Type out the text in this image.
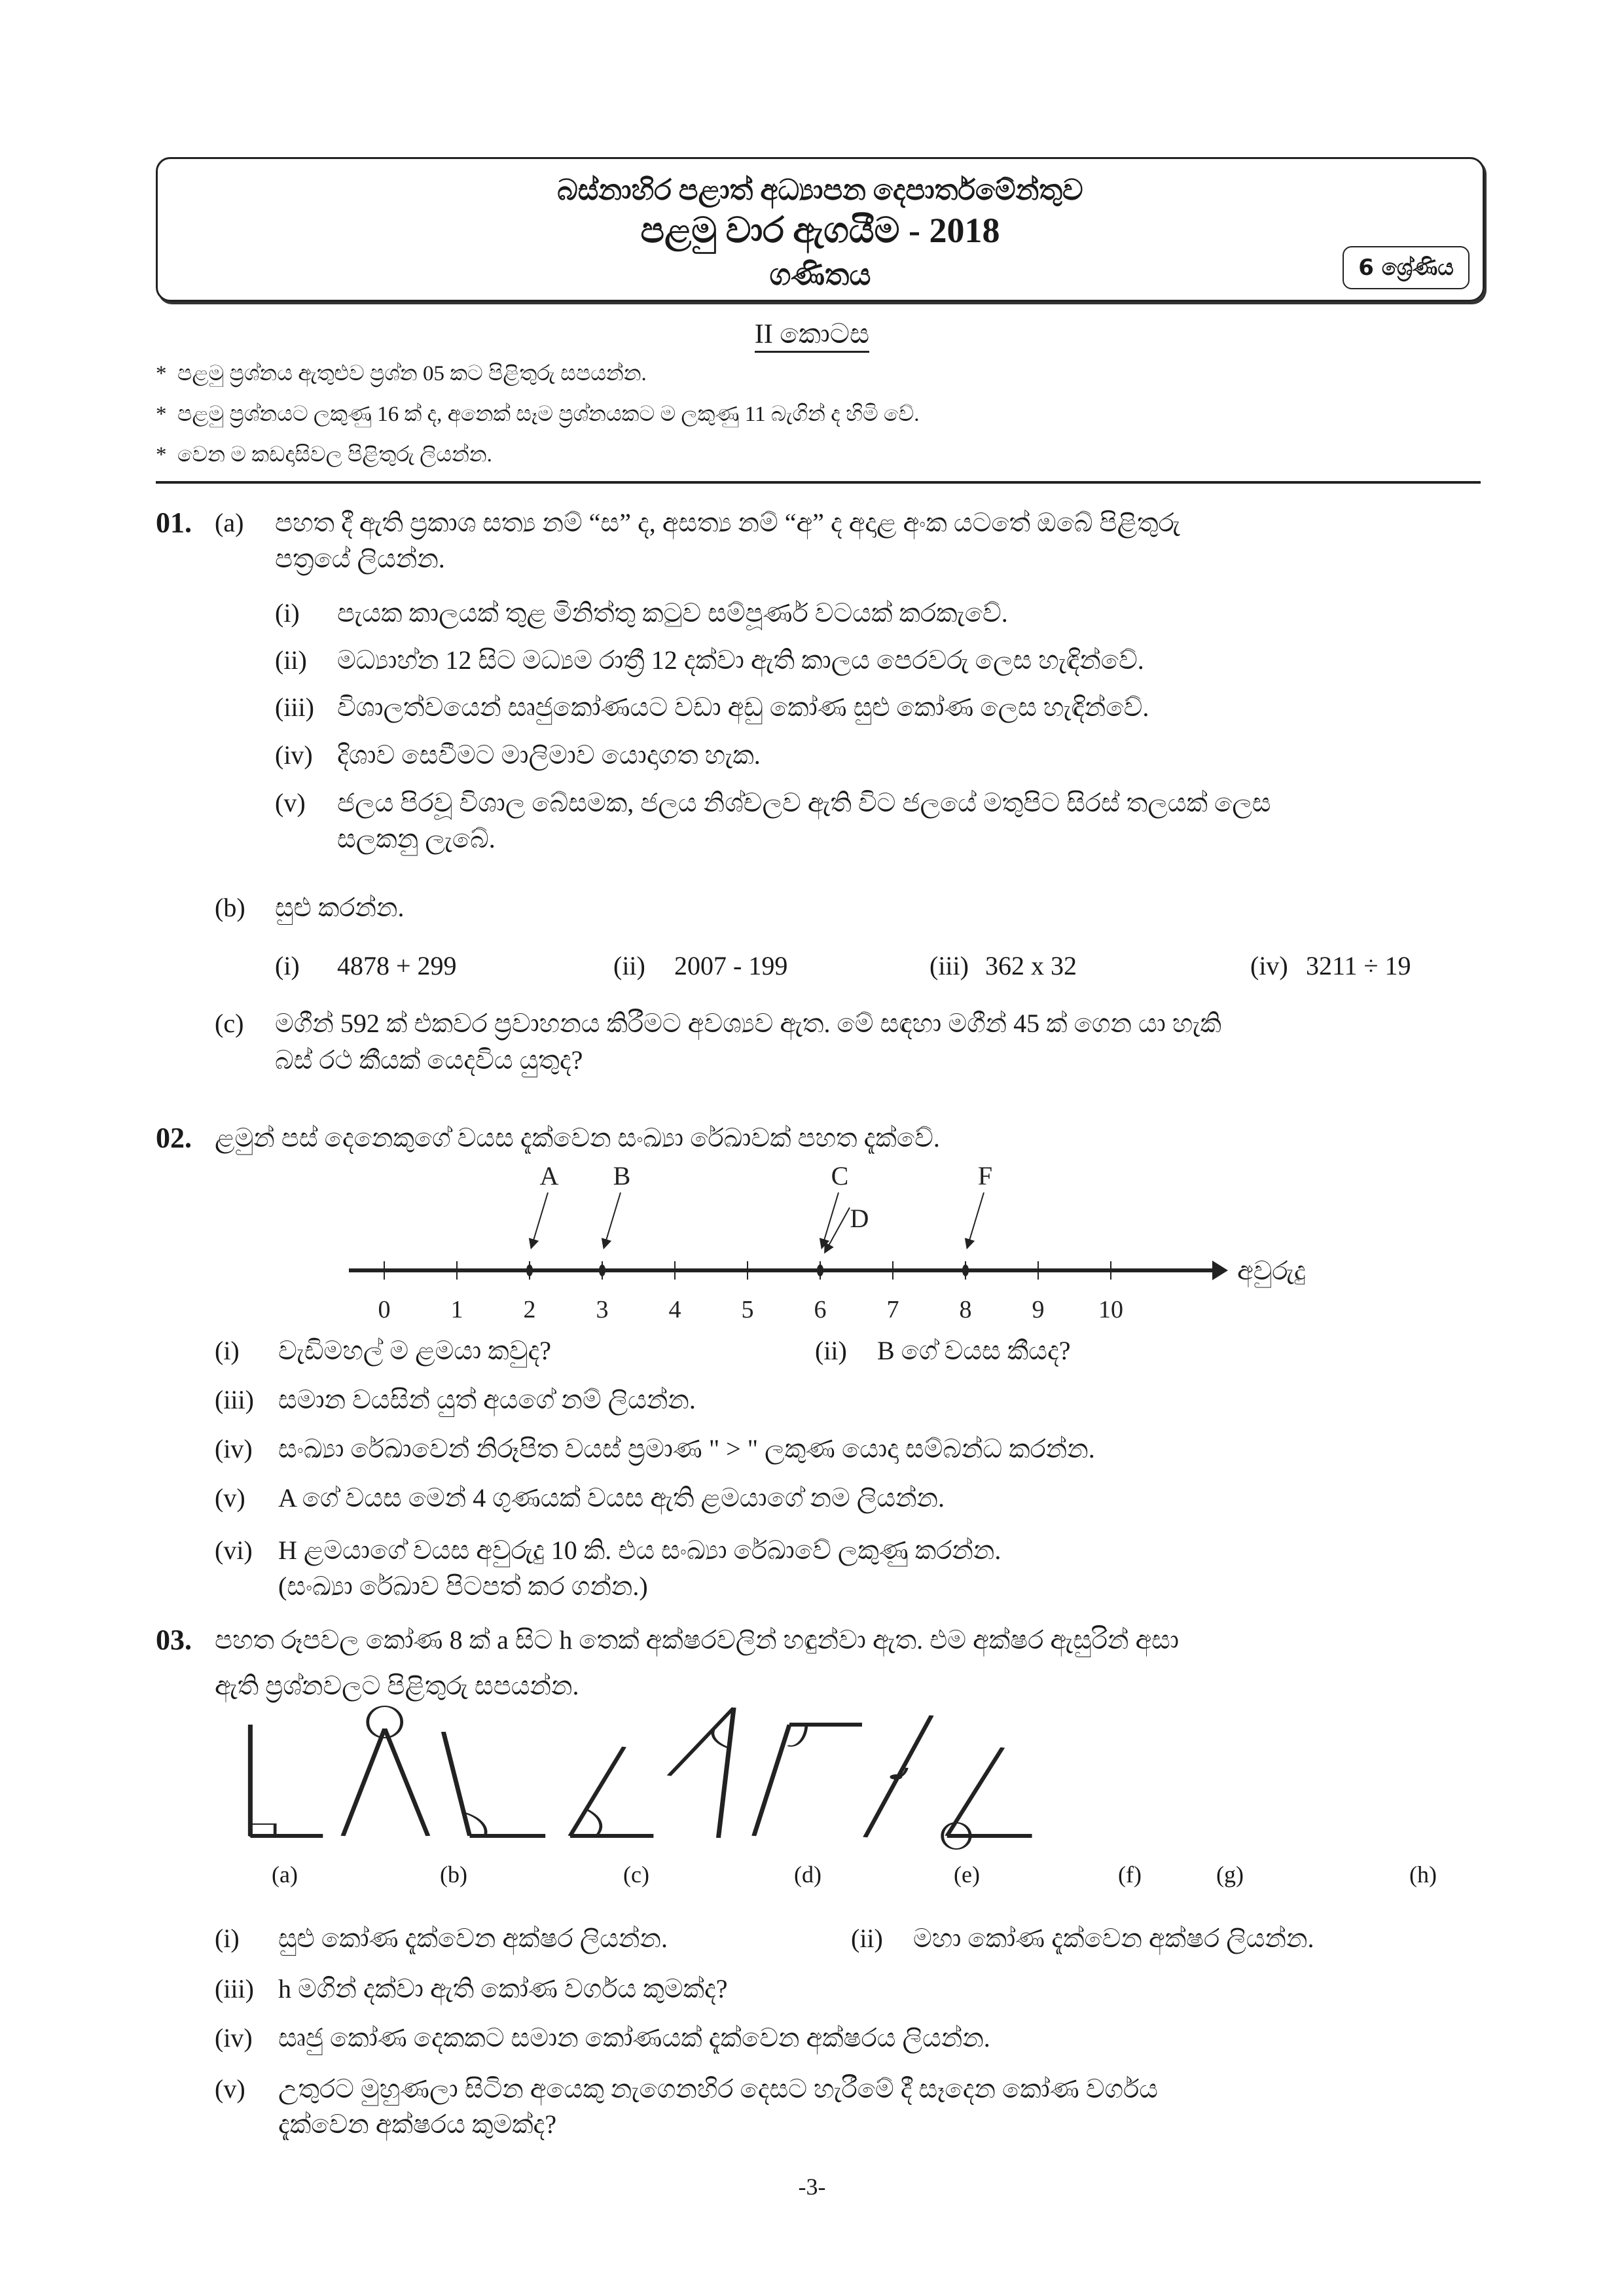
බස්නාහිර පළාත් අධ්‍යාපන දෙපාර්තමේන්තුව
පළමු වාර ඇගයීම - 2018
ගණිතය	6 ශ්‍රේණිය
II කොටස
* පළමු ප්‍රශ්නය ඇතුළුව ප්‍රශ්න 05 කට පිළිතුරු සපයන්න.
* පළමු ප්‍රශ්නයට ලකුණු 16 ක් ද, අනෙක් සෑම ප්‍රශ්නයකට ම ලකුණු 11 බැගින් ද හිමි වේ.
* වෙන ම කඩදාසිවල පිළිතුරු ලියන්න.
01. (a) පහත දී ඇති ප්‍රකාශ සත්‍ය නම් “ස” ද, අසත්‍ය නම් “අ” ද අදාළ අංක යටතේ ඔබේ පිළිතුරු
පත්‍රයේ ලියන්න.
(i) පැයක කාලයක් තුළ මිනිත්තු කටුව සම්පූර්ණ වටයක් කරකැවේ.
(ii) මධ්‍යාහ්න 12 සිට මධ්‍යම රාත්‍රී 12 දක්වා ඇති කාලය පෙරවරු ලෙස හැඳින්වේ.
(iii) විශාලත්වයෙන් සෘජුකෝණයට වඩා අඩු කෝණ සුළු කෝණ ලෙස හැඳින්වේ.
(iv) දිශාව සෙවීමට මාලිමාව යොදාගත හැක.
(v) ජලය පිරවූ විශාල බේසමක, ජලය නිශ්චලව ඇති විට ජලයේ මතුපිට සිරස් තලයක් ලෙස
සලකනු ලැබේ.
(b) සුළු කරන්න.
(i) 4878 + 299	(ii) 2007 - 199	(iii) 362 x 32	(iv) 3211 ÷ 19
(c) මගීන් 592 ක් එකවර ප්‍රවාහනය කිරීමට අවශ්‍යව ඇත. මේ සඳහා මගීන් 45 ක් ගෙන යා හැකි
බස් රථ කීයක් යෙදවිය යුතුද?
02. ළමුන් පස් දෙනෙකුගේ වයස දැක්වෙන සංඛ්‍යා රේඛාවක් පහත දැක්වේ.
0 1 2 3 4 5 6 7 8 9 10
A B	C
D
F
අවුරුදු
(i) වැඩිමහල් ම ළමයා කවුද?	(ii) B ගේ වයස කීයද?
(iii) සමාන වයසින් යුත් අයගේ නම් ලියන්න.
(iv) සංඛ්‍යා රේඛාවෙන් නිරූපිත වයස් ප්‍රමාණ " > " ලකුණ යොදා සම්බන්ධ කරන්න.
(v) A ගේ වයස මෙන් 4 ගුණයක් වයස ඇති ළමයාගේ නම ලියන්න.
(vi) H ළමයාගේ වයස අවුරුදු 10 කි. එය සංඛ්‍යා රේඛාවේ ලකුණු කරන්න.
(සංඛ්‍යා රේඛාව පිටපත් කර ගන්න.)
03. පහත රූපවල කෝණ 8 ක් a සිට h තෙක් අක්ෂරවලින් හඳුන්වා ඇත. එම අක්ෂර ඇසුරින් අසා
ඇති ප්‍රශ්නවලට පිළිතුරු සපයන්න.
(a)	(b)	(c)	(d)	(e)	(f)	(g)	(h)
(i) සුළු කෝණ දැක්වෙන අක්ෂර ලියන්න.	(ii) මහා කෝණ දැක්වෙන අක්ෂර ලියන්න.
(iii) h මගින් දක්වා ඇති කෝණ වර්ගය කුමක්ද?
(iv) සෘජු කෝණ දෙකකට සමාන කෝණයක් දැක්වෙන අක්ෂරය ලියන්න.
(v) උතුරට මුහුණලා සිටින අයෙකු නැගෙනහිර දෙසට හැරීමේ දී සෑදෙන කෝණ වර්ගය
දැක්වෙන අක්ෂරය කුමක්ද?
-3-
